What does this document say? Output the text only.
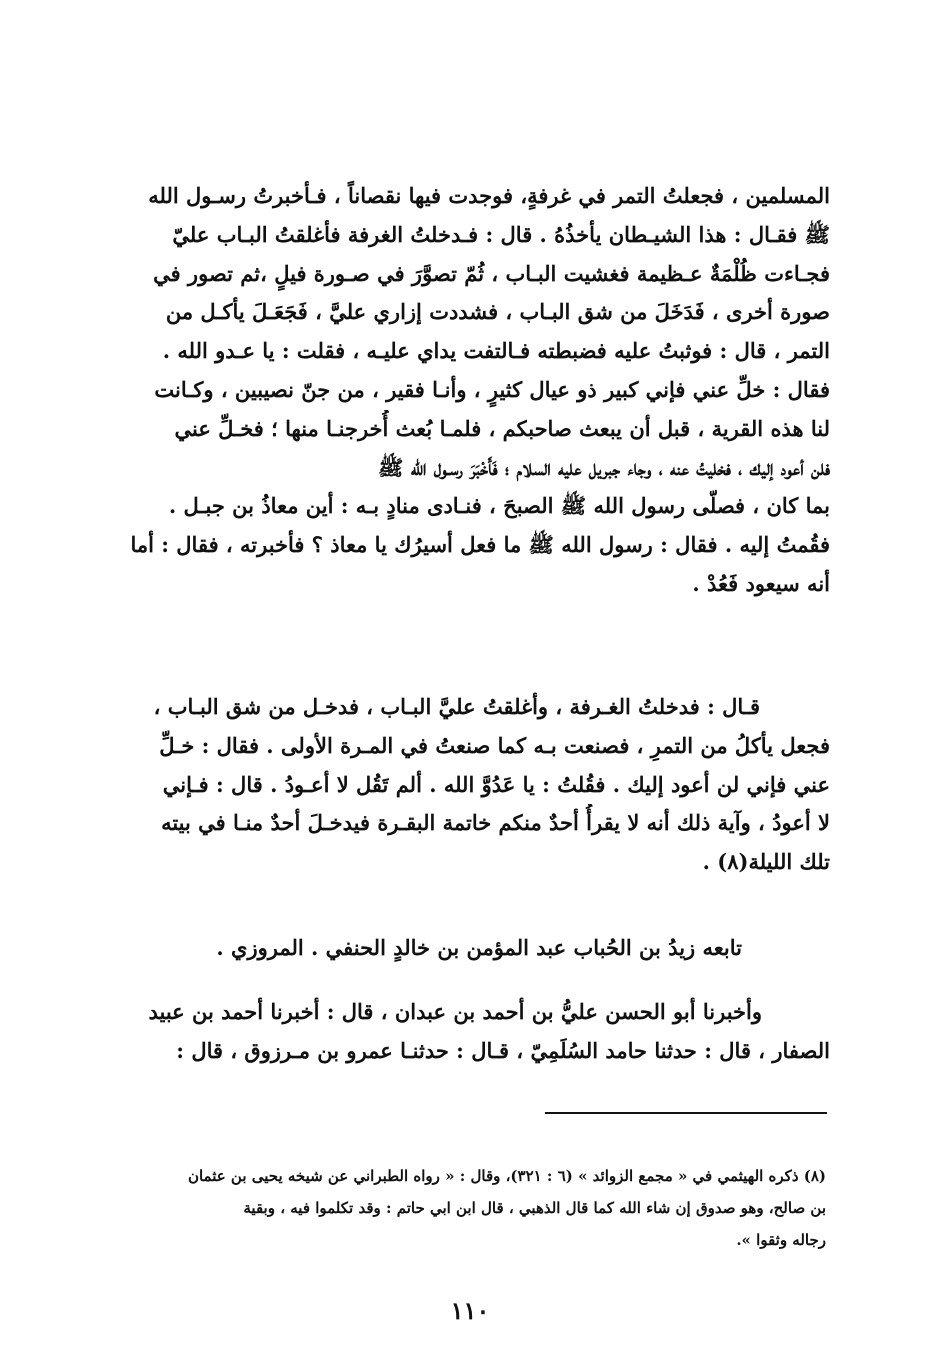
المسلمين ، فجعلتُ التمر في غرفةٍ، فوجدت فيها نقصاناً ، فـأخبرتُ رسـول الله
ﷺ فقـال : هذا الشيـطان يأخذُهُ . قال : فـدخلتُ الغرفة فأغلقتُ البـاب عليّ
فجـاءت ظُلْمَةٌ عـظيمة فغشيت البـاب ، ثُمّ تصوَّرَ في صـورة فيلٍ ،ثم تصور في
صورة أخرى ، فَدَخَلَ من شق البـاب ، فشددت إزاري عليَّ ، فَجَعَـلَ يأكـل من
التمر ، قال : فوثبتُ عليه فضبطته فـالتفت يداي عليـه ، فقلت : يا عـدو الله .
فقال : خلِّ عني فإني كبير ذو عيال كثيرٍ ، وأنـا فقير ، من جنّ نصيبين ، وكـانت
لنا هذه القرية ، قبل أن يبعث صاحبكم ، فلمـا بُعث أُخرجنـا منها ؛ فخـلِّ عني
فلن أعود إليك ، فخليتُ عنه ، وجاء جبريل عليه السلام ؛ فَأَخْبَرَ رسـول الله ﷺ
بما كان ، فصلّى رسول الله ﷺ الصبحَ ، فنـادى منادٍ بـه : أين معاذُ بن جبـل .
فقُمتُ إليه . فقال : رسول الله ﷺ ما فعل أسيرُك يا معاذ ؟ فأخبرته ، فقال : أما
أنه سيعود فَعُدْ .
قـال : فدخلتُ الغـرفة ، وأغلقتُ عليَّ البـاب ، فدخـل من شق البـاب ،
فجعل يأكلُ من التمرِ ، فصنعت بـه كما صنعتُ في المـرة الأولى . فقال : خـلِّ
عني فإني لن أعود إليك . فقُلتُ : يا عَدُوَّ الله . ألم تَقُل لا أعـودُ . قال : فـإني
لا أعودُ ، وآية ذلك أنه لا يقرأُ أحدٌ منكم خاتمة البقـرة فيدخـلَ أحدٌ منـا في بيته
تلك الليلة(٨) .
تابعه زيدُ بن الحُباب عبد المؤمن بن خالدٍ الحنفي . المروزي .
وأخبرنا أبو الحسن عليُّ بن أحمد بن عبدان ، قال : أخبرنا أحمد بن عبيد
الصفار ، قال : حدثنا حامد السُلَمِيّ ، قـال : حدثنـا عمرو بن مـرزوق ، قال :
(٨) ذكره الهيثمي في « مجمع الزوائد » (٦ : ٣٢١)، وقال : « رواه الطبراني عن شيخه يحيى بن عثمان
بن صالح، وهو صدوق إن شاء الله كما قال الذهبي ، قال ابن ابي حاتم : وقد تكلموا فيه ، وبقية
رجاله وثقوا ».
١١٠
